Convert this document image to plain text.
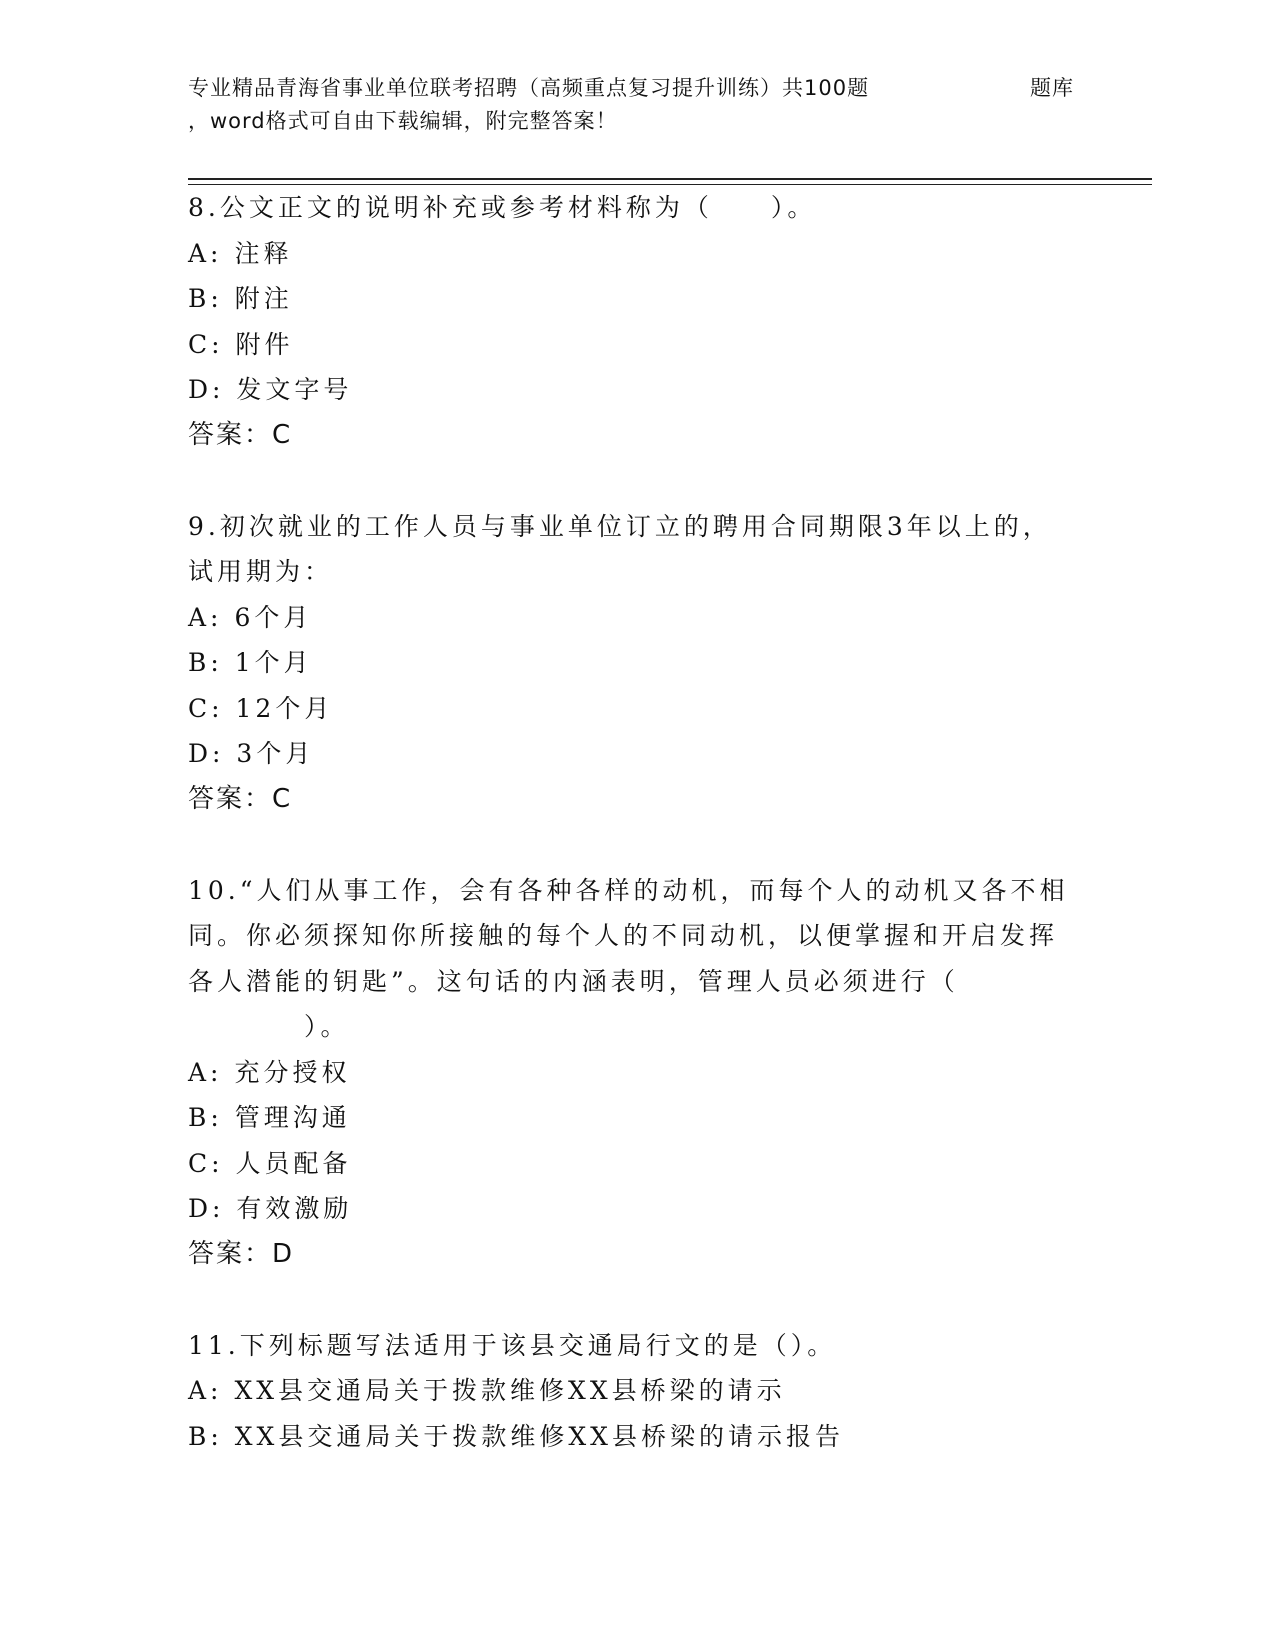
专业精品青海省事业单位联考招聘（高频重点复习提升训练）共100题	题库
，word格式可自由下载编辑，附完整答案！
8.公文正文的说明补充或参考材料称为（　　）。
A: 注释
B: 附注
C: 附件
D: 发文字号
答案：C
9.初次就业的工作人员与事业单位订立的聘用合同期限3年以上的，
试用期为：
A: 6个月
B: 1个月
C: 12个月
D: 3个月
答案：C
10.“人们从事工作，会有各种各样的动机，而每个人的动机又各不相
同。你必须探知你所接触的每个人的不同动机，以便掌握和开启发挥
各人潜能的钥匙”。这句话的内涵表明，管理人员必须进行（
　　　　）。
A: 充分授权
B: 管理沟通
C: 人员配备
D: 有效激励
答案：D
11.下列标题写法适用于该县交通局行文的是（）。
A: XX县交通局关于拨款维修XX县桥梁的请示
B: XX县交通局关于拨款维修XX县桥梁的请示报告
